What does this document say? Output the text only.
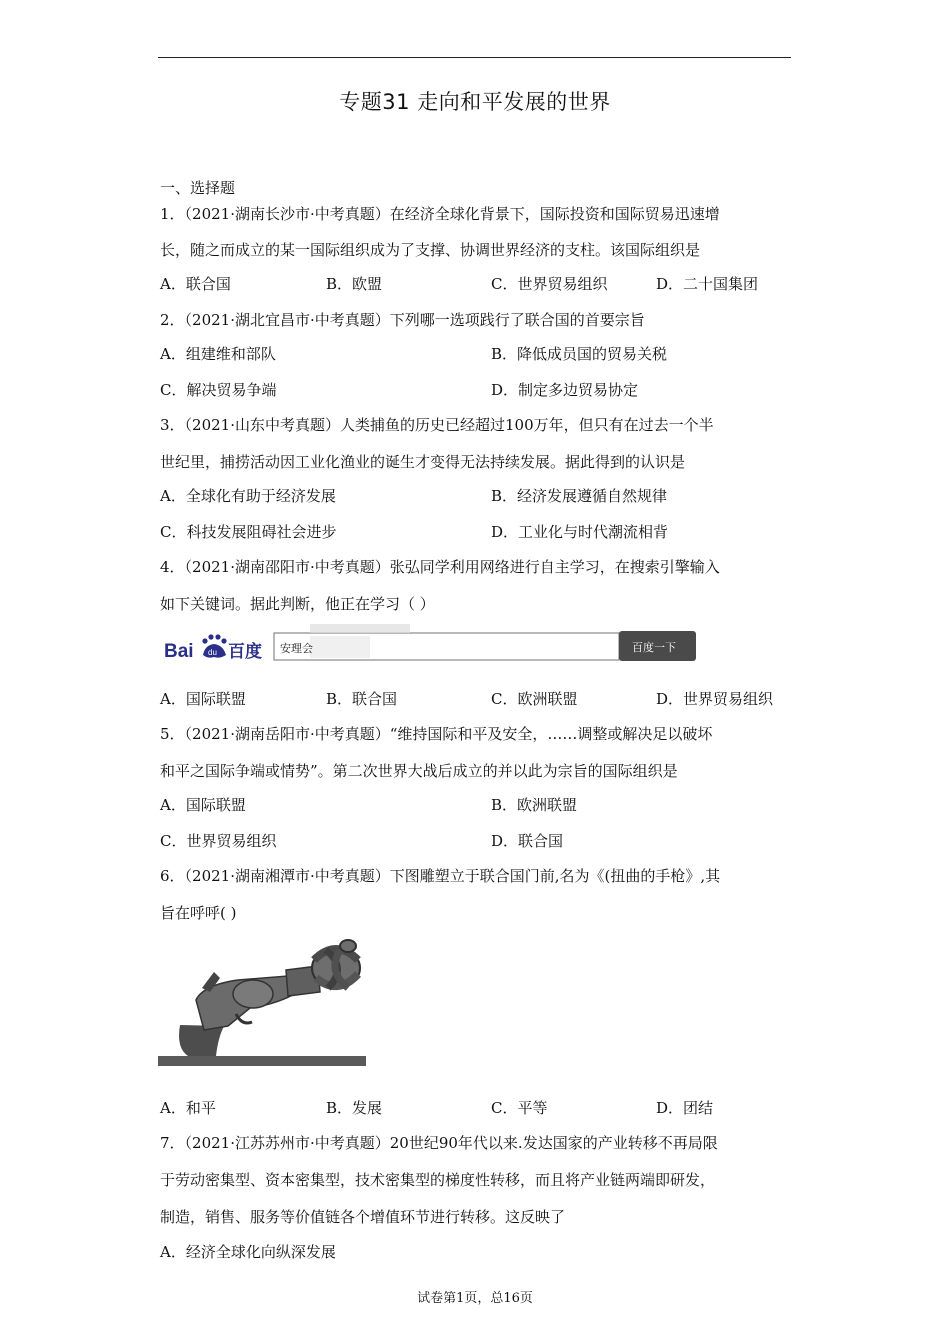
专题31 走向和平发展的世界
一、选择题
1．（2021·湖南长沙市·中考真题）在经济全球化背景下，国际投资和国际贸易迅速增
长，随之而成立的某一国际组织成为了支撑、协调世界经济的支柱。该国际组织是
A．联合国	B．欧盟	C．世界贸易组织	D．二十国集团
2．（2021·湖北宜昌市·中考真题）下列哪一选项践行了联合国的首要宗旨
A．组建维和部队	B．降低成员国的贸易关税
C．解决贸易争端	D．制定多边贸易协定
3．（2021·山东中考真题）人类捕鱼的历史已经超过100万年，但只有在过去一个半
世纪里，捕捞活动因工业化渔业的诞生才变得无法持续发展。据此得到的认识是
A．全球化有助于经济发展	B．经济发展遵循自然规律
C．科技发展阻碍社会进步	D．工业化与时代潮流相背
4．（2021·湖南邵阳市·中考真题）张弘同学利用网络进行自主学习，在搜索引擎输入
如下关键词。据此判断，他正在学习（ ）
Bai du 百度 安理会	百度一下
A．国际联盟	B．联合国	C．欧洲联盟	D．世界贸易组织
5．（2021·湖南岳阳市·中考真题）“维持国际和平及安全，……调整或解决足以破坏
和平之国际争端或情势”。第二次世界大战后成立的并以此为宗旨的国际组织是
A．国际联盟	B．欧洲联盟
C．世界贸易组织	D．联合国
6．（2021·湖南湘潭市·中考真题）下图雕塑立于联合国门前,名为《(扭曲的手枪》,其
旨在呼呼( )
A．和平	B．发展	C．平等	D．团结
7．（2021·江苏苏州市·中考真题）20世纪90年代以来.发达国家的产业转移不再局限
于劳动密集型、资本密集型，技术密集型的梯度性转移，而且将产业链两端即研发，
制造，销售、服务等价值链各个增值环节进行转移。这反映了
A．经济全球化向纵深发展
试卷第1页，总16页
